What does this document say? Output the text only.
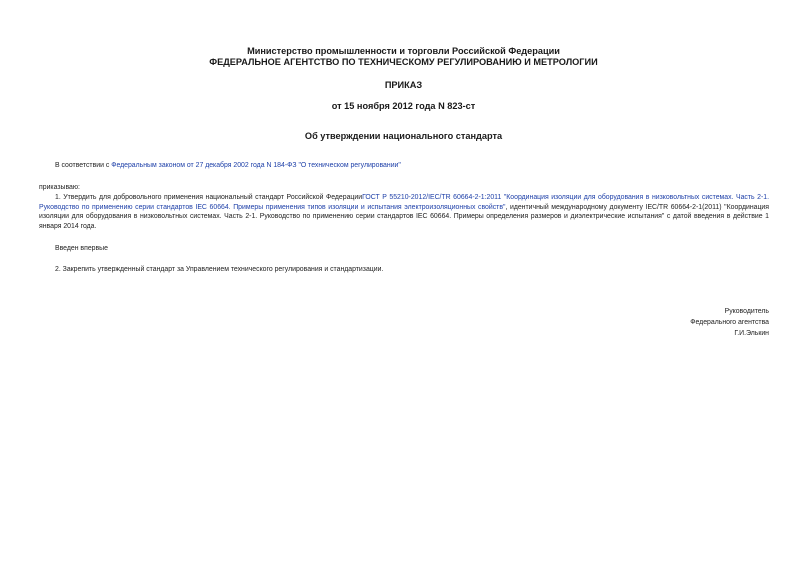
Министерство промышленности и торговли Российской Федерации
ФЕДЕРАЛЬНОЕ АГЕНТСТВО ПО ТЕХНИЧЕСКОМУ РЕГУЛИРОВАНИЮ И МЕТРОЛОГИИ
ПРИКАЗ
от 15 ноября 2012 года N 823-ст
Об утверждении национального стандарта
В соответствии с Федеральным законом от 27 декабря 2002 года N 184-ФЗ "О техническом регулировании"
приказываю:
1. Утвердить для добровольного применения национальный стандарт Российской ФедерацииГОСТ Р 55210-2012/IEC/TR 60664-2-1:2011 "Координация изоляции для оборудования в низковольтных системах. Часть 2-1. Руководство по применению серии стандартов IEC 60664. Примеры применения типов изоляции и испытания электроизоляционных свойств", идентичный международному документу IEC/TR 60664-2-1(2011) "Координация изоляции для оборудования в низковольтных системах. Часть 2-1. Руководство по применению серии стандартов IEC 60664. Примеры определения размеров и диэлектрические испытания" с датой введения в действие 1 января 2014 года.
Введен впервые
2. Закрепить утвержденный стандарт за Управлением технического регулирования и стандартизации.
Руководитель
Федерального агентства
Г.И.Элькин
